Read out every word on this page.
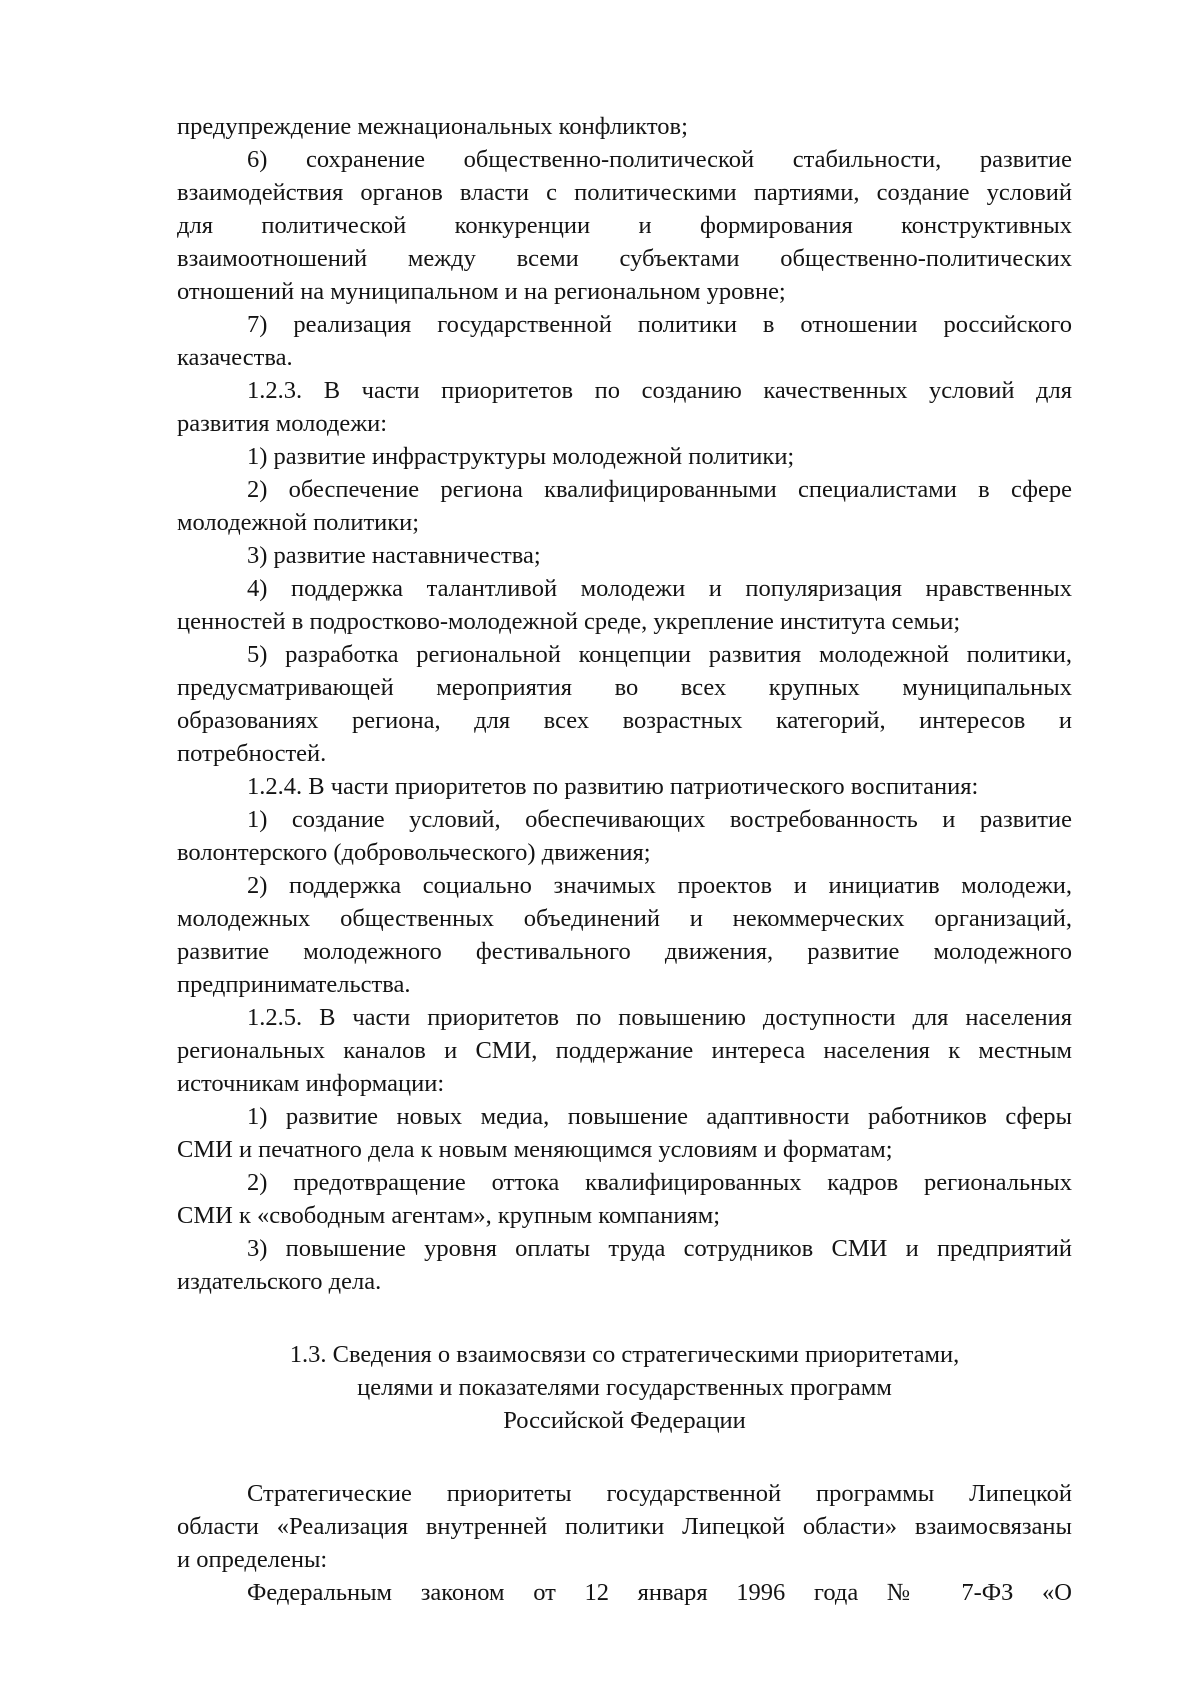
предупреждение межнациональных конфликтов;
6) сохранение общественно-политической стабильности, развитие
взаимодействия органов власти с политическими партиями, создание условий
для политической конкуренции и формирования конструктивных
взаимоотношений между всеми субъектами общественно-политических
отношений на муниципальном и на региональном уровне;
7) реализация государственной политики в отношении российского
казачества.
1.2.3. В части приоритетов по созданию качественных условий для
развития молодежи:
1) развитие инфраструктуры молодежной политики;
2) обеспечение региона квалифицированными специалистами в сфере
молодежной политики;
3) развитие наставничества;
4) поддержка талантливой молодежи и популяризация нравственных
ценностей в подростково-молодежной среде, укрепление института семьи;
5) разработка региональной концепции развития молодежной политики,
предусматривающей мероприятия во всех крупных муниципальных
образованиях региона, для всех возрастных категорий, интересов и
потребностей.
1.2.4. В части приоритетов по развитию патриотического воспитания:
1) создание условий, обеспечивающих востребованность и развитие
волонтерского (добровольческого) движения;
2) поддержка социально значимых проектов и инициатив молодежи,
молодежных общественных объединений и некоммерческих организаций,
развитие молодежного фестивального движения, развитие молодежного
предпринимательства.
1.2.5. В части приоритетов по повышению доступности для населения
региональных каналов и СМИ, поддержание интереса населения к местным
источникам информации:
1) развитие новых медиа, повышение адаптивности работников сферы
СМИ и печатного дела к новым меняющимся условиям и форматам;
2) предотвращение оттока квалифицированных кадров региональных
СМИ к «свободным агентам», крупным компаниям;
3) повышение уровня оплаты труда сотрудников СМИ и предприятий
издательского дела.
1.3. Сведения о взаимосвязи со стратегическими приоритетами,
целями и показателями государственных программ
Российской Федерации
Стратегические приоритеты государственной программы Липецкой
области «Реализация внутренней политики Липецкой области» взаимосвязаны
и определены:
Федеральным законом от 12 января 1996 года № 7-ФЗ «О
